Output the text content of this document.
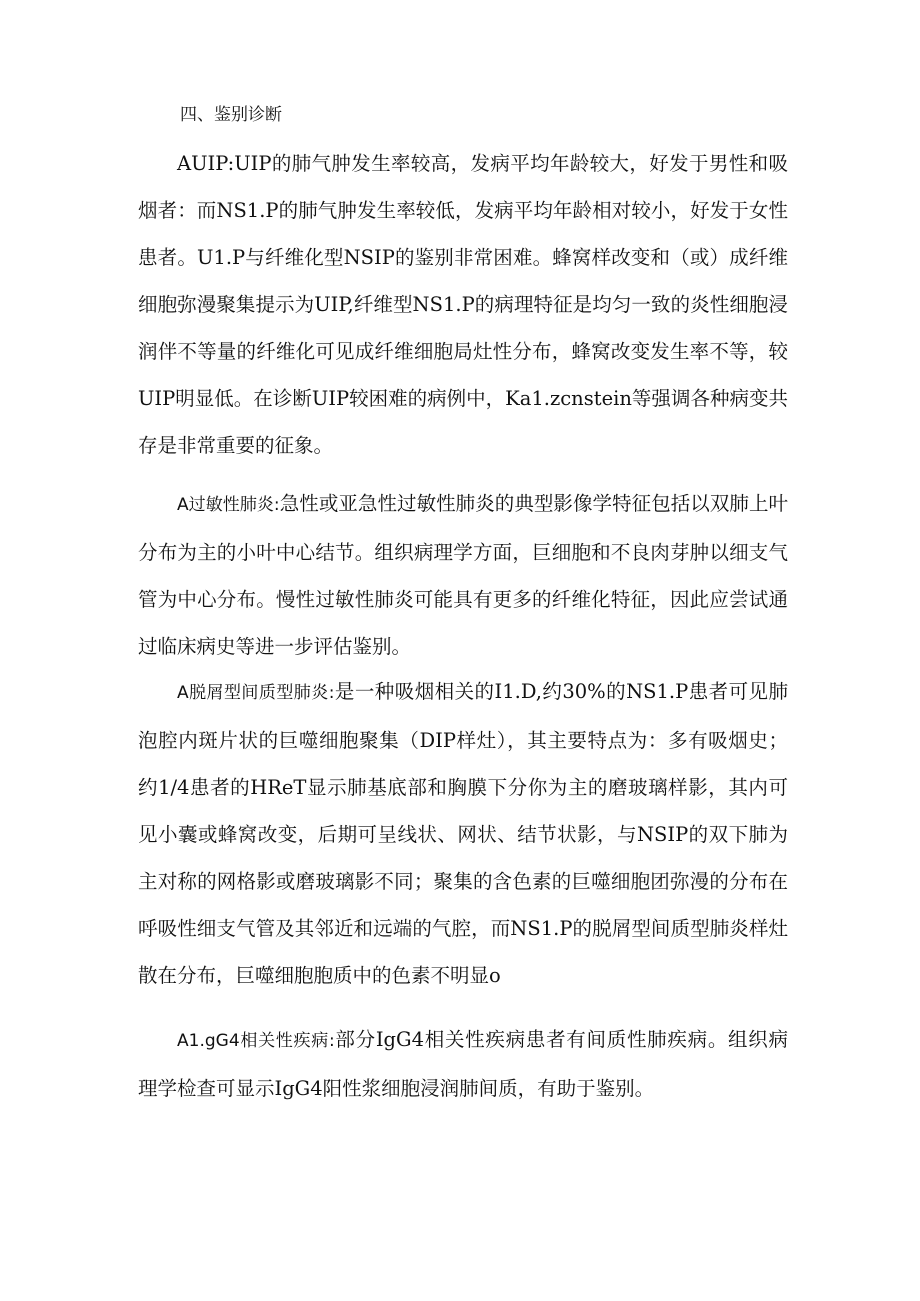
四、鉴别诊断

AUIP:UIP的肺气肿发生率较高，发病平均年龄较大，好发于男性和吸烟者：而NS1.P的肺气肿发生率较低，发病平均年龄相对较小，好发于女性患者。U1.P与纤维化型NSIP的鉴别非常困难。蜂窝样改变和（或）成纤维细胞弥漫聚集提示为UIP,纤维型NS1.P的病理特征是均匀一致的炎性细胞浸润伴不等量的纤维化可见成纤维细胞局灶性分布，蜂窝改变发生率不等，较UIP明显低。在诊断UIP较困难的病例中，Ka1.zcnstein等强调各种病变共存是非常重要的征象。

A过敏性肺炎:急性或亚急性过敏性肺炎的典型影像学特征包括以双肺上叶分布为主的小叶中心结节。组织病理学方面，巨细胞和不良肉芽肿以细支气管为中心分布。慢性过敏性肺炎可能具有更多的纤维化特征，因此应尝试通过临床病史等进一步评估鉴别。

A脱屑型间质型肺炎:是一种吸烟相关的I1.D,约30%的NS1.P患者可见肺泡腔内斑片状的巨噬细胞聚集（DIP样灶），其主要特点为：多有吸烟史；约1/4患者的HReT显示肺基底部和胸膜下分你为主的磨玻璃样影，其内可见小囊或蜂窝改变，后期可呈线状、网状、结节状影，与NSIP的双下肺为主对称的网格影或磨玻璃影不同；聚集的含色素的巨噬细胞团弥漫的分布在呼吸性细支气管及其邻近和远端的气腔，而NS1.P的脱屑型间质型肺炎样灶散在分布，巨噬细胞胞质中的色素不明显o

A1.gG4相关性疾病:部分IgG4相关性疾病患者有间质性肺疾病。组织病理学检查可显示IgG4阳性浆细胞浸润肺间质，有助于鉴别。
